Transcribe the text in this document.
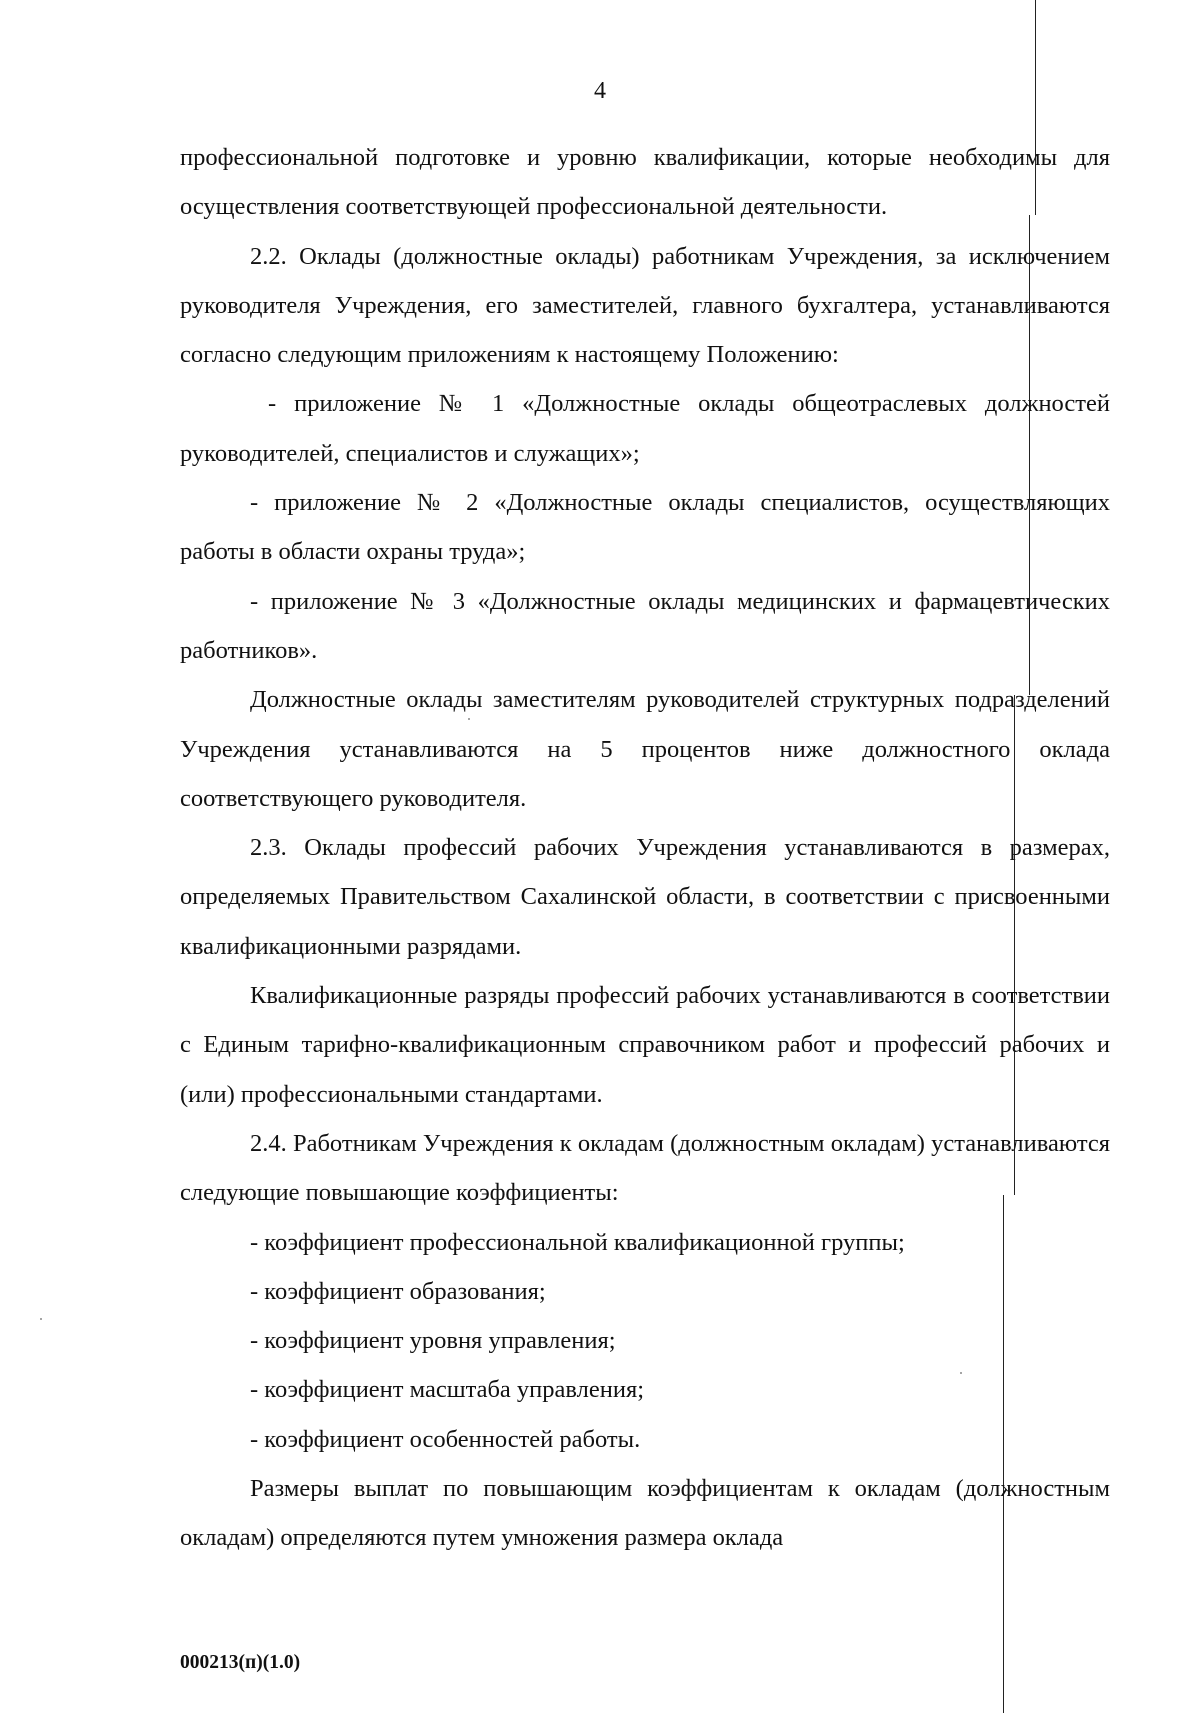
4

профессиональной подготовке и уровню квалификации, которые необходимы для осуществления соответствующей профессиональной деятельности.

2.2. Оклады (должностные оклады) работникам Учреждения, за исключением руководителя Учреждения, его заместителей, главного бухгалтера, устанавливаются согласно следующим приложениям к настоящему Положению:

- приложение № 1 «Должностные оклады общеотраслевых должностей руководителей, специалистов и служащих»;

- приложение № 2 «Должностные оклады специалистов, осуществляющих работы в области охраны труда»;

- приложение № 3 «Должностные оклады медицинских и фармацевтических работников».

Должностные оклады заместителям руководителей структурных подразделений Учреждения устанавливаются на 5 процентов ниже должностного оклада соответствующего руководителя.

2.3. Оклады профессий рабочих Учреждения устанавливаются в размерах, определяемых Правительством Сахалинской области, в соответствии с присвоенными квалификационными разрядами.

Квалификационные разряды профессий рабочих устанавливаются в соответствии с Единым тарифно-квалификационным справочником работ и профессий рабочих и (или) профессиональными стандартами.

2.4. Работникам Учреждения к окладам (должностным окладам) устанавливаются следующие повышающие коэффициенты:

- коэффициент профессиональной квалификационной группы;

- коэффициент образования;

- коэффициент уровня управления;

- коэффициент масштаба управления;

- коэффициент особенностей работы.

Размеры выплат по повышающим коэффициентам к окладам (должностным окладам) определяются путем умножения размера оклада

000213(п)(1.0)
